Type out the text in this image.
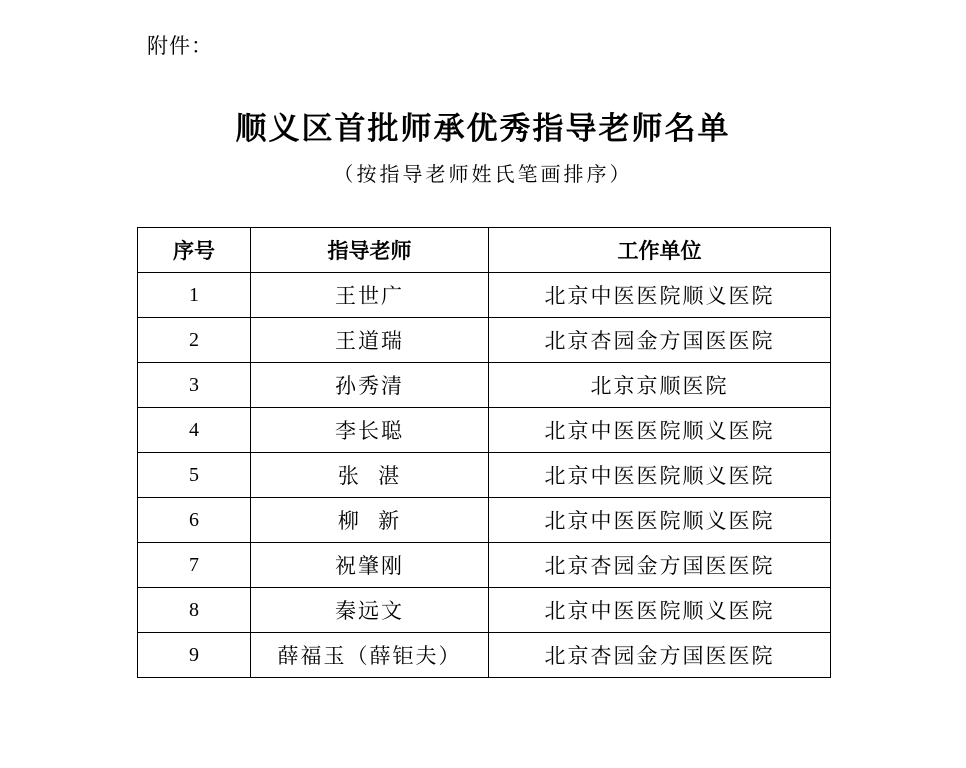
附件：
顺义区首批师承优秀指导老师名单
（按指导老师姓氏笔画排序）
序号	指导老师	工作单位
1	王世广	北京中医医院顺义医院
2	王道瑞	北京杏园金方国医医院
3	孙秀清	北京京顺医院
4	李长聪	北京中医医院顺义医院
5	张  湛	北京中医医院顺义医院
6	柳  新	北京中医医院顺义医院
7	祝肇刚	北京杏园金方国医医院
8	秦远文	北京中医医院顺义医院
9	薛福玉（薛钜夫）	北京杏园金方国医医院
